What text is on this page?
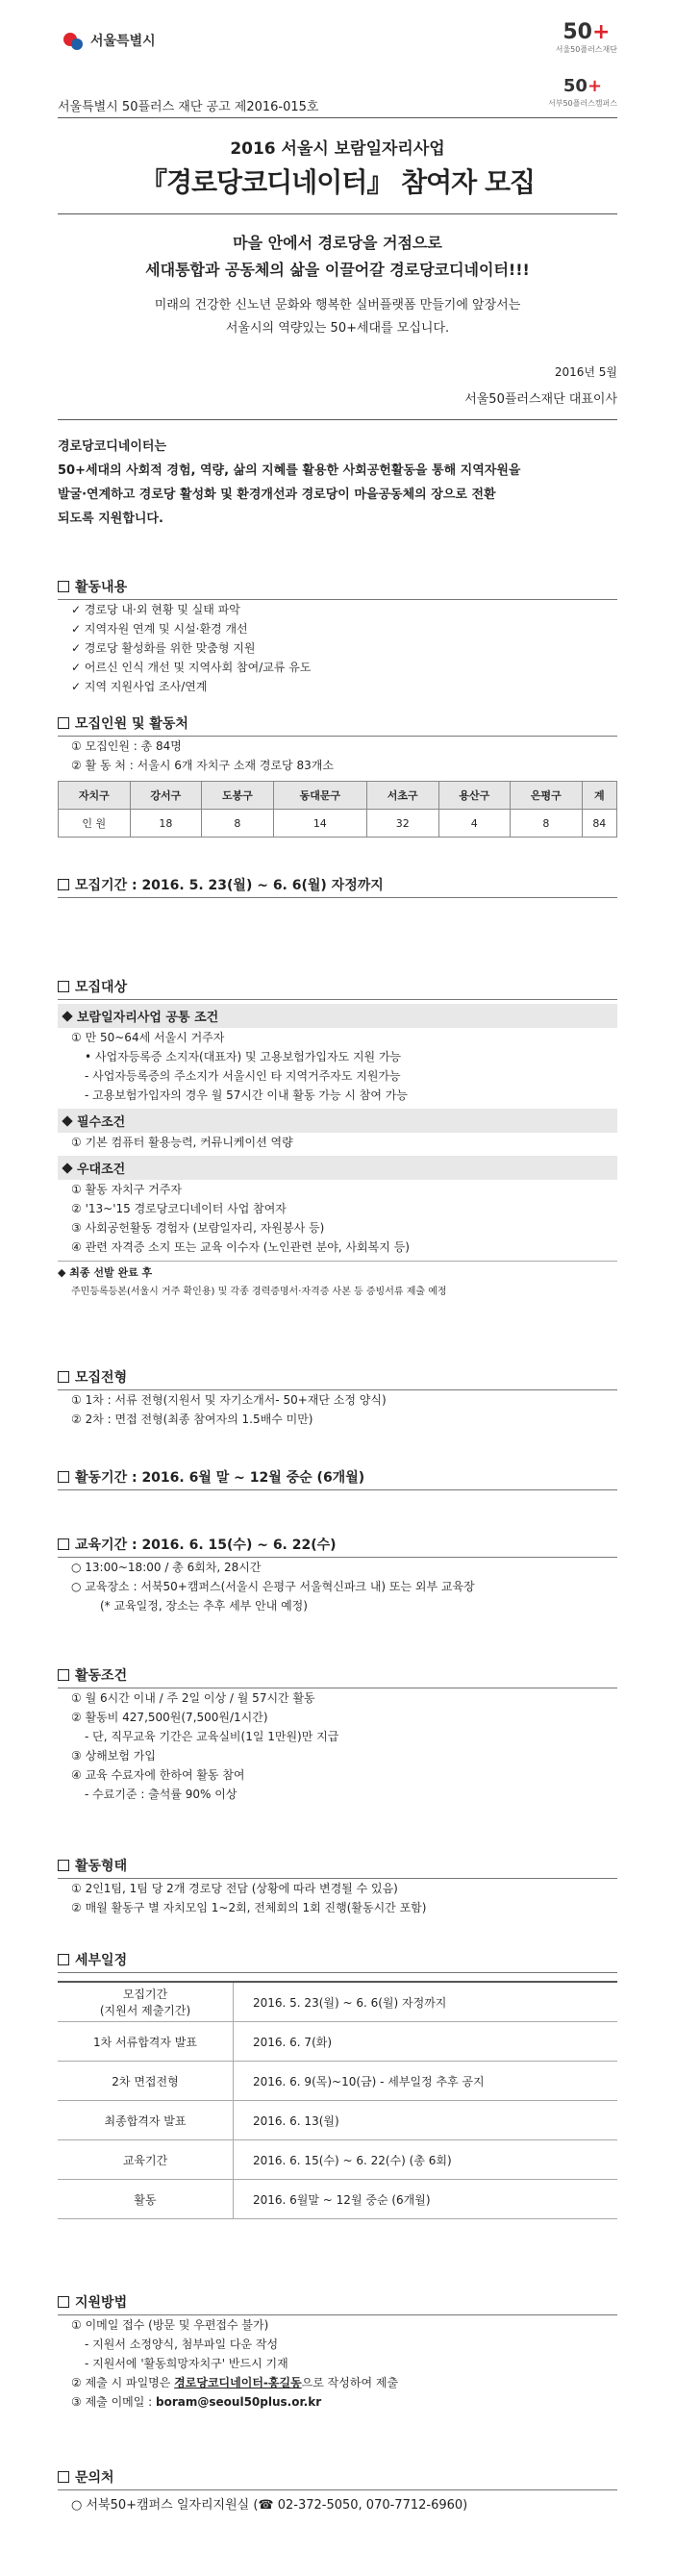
서울특별시	50+
서울50플러스재단
50+
서부50플러스캠퍼스
서울특별시 50플러스 재단 공고 제2016-015호
2016 서울시 보람일자리사업
『경로당코디네이터』 참여자 모집
마을 안에서 경로당을 거점으로
세대통합과 공동체의 삶을 이끌어갈 경로당코디네이터!!!
미래의 건강한 신노년 문화와 행복한 실버플랫폼 만들기에 앞장서는
서울시의 역량있는 50+세대를 모십니다.
2016년 5월
서울50플러스재단 대표이사
경로당코디네이터는
50+세대의 사회적 경험, 역량, 삶의 지혜를 활용한 사회공헌활동을 통해 지역자원을
발굴·연계하고 경로당 활성화 및 환경개선과 경로당이 마을공동체의 장으로 전환
되도록 지원합니다.
활동내용
✓ 경로당 내·외 현황 및 실태 파악
✓ 지역자원 연계 및 시설·환경 개선
✓ 경로당 활성화를 위한 맞춤형 지원
✓ 어르신 인식 개선 및 지역사회 참여/교류 유도
✓ 지역 지원사업 조사/연계
모집인원 및 활동처
① 모집인원 : 총 84명
② 활 동 처 : 서울시 6개 자치구 소재 경로당 83개소
자치구	강서구	도봉구	동대문구	서초구	용산구	은평구	계
인 원	18	8	14	32	4	8	84
모집기간 : 2016. 5. 23(월) ~ 6. 6(월) 자정까지
모집대상
보람일자리사업 공통 조건
① 만 50~64세 서울시 거주자
• 사업자등록증 소지자(대표자) 및 고용보험가입자도 지원 가능
- 사업자등록증의 주소지가 서울시인 타 지역거주자도 지원가능
- 고용보험가입자의 경우 월 57시간 이내 활동 가능 시 참여 가능
필수조건
① 기본 컴퓨터 활용능력, 커뮤니케이션 역량
우대조건
① 활동 자치구 거주자
② '13~'15 경로당코디네이터 사업 참여자
③ 사회공헌활동 경험자 (보람일자리, 자원봉사 등)
④ 관련 자격증 소지 또는 교육 이수자 (노인관련 분야, 사회복지 등)
◆ 최종 선발 완료 후
주민등록등본(서울시 거주 확인용) 및 각종 경력증명서·자격증 사본 등 증빙서류 제출 예정
모집전형
① 1차 : 서류 전형(지원서 및 자기소개서- 50+재단 소정 양식)
② 2차 : 면접 전형(최종 참여자의 1.5배수 미만)
활동기간 : 2016. 6월 말 ~ 12월 중순 (6개월)
교육기간 : 2016. 6. 15(수) ~ 6. 22(수)
○ 13:00~18:00 / 총 6회차, 28시간
○ 교육장소 : 서북50+캠퍼스(서울시 은평구 서울혁신파크 내) 또는 외부 교육장
(* 교육일정, 장소는 추후 세부 안내 예정)
활동조건
① 월 6시간 이내 / 주 2일 이상 / 월 57시간 활동
② 활동비 427,500원(7,500원/1시간)
- 단, 직무교육 기간은 교육실비(1일 1만원)만 지급
③ 상해보험 가입
④ 교육 수료자에 한하여 활동 참여
- 수료기준 : 출석률 90% 이상
활동형태
① 2인1팀, 1팀 당 2개 경로당 전담 (상황에 따라 변경될 수 있음)
② 매월 활동구 별 자치모임 1~2회, 전체회의 1회 진행(활동시간 포함)
세부일정
모집기간
(지원서 제출기간)	2016. 5. 23(월) ~ 6. 6(월) 자정까지
1차 서류합격자 발표	2016. 6. 7(화)
2차 면접전형	2016. 6. 9(목)~10(금) - 세부일정 추후 공지
최종합격자 발표	2016. 6. 13(월)
교육기간	2016. 6. 15(수) ~ 6. 22(수) (총 6회)
활동	2016. 6월말 ~ 12월 중순 (6개월)
지원방법
① 이메일 접수 (방문 및 우편접수 불가)
- 지원서 소정양식, 첨부파일 다운 작성
- 지원서에 '활동희망자치구' 반드시 기재
② 제출 시 파일명은 경로당코디네이터-홍길동으로 작성하여 제출
③ 제출 이메일 : boram@seoul50plus.or.kr
문의처
○ 서북50+캠퍼스 일자리지원실 (☎ 02-372-5050, 070-7712-6960)
